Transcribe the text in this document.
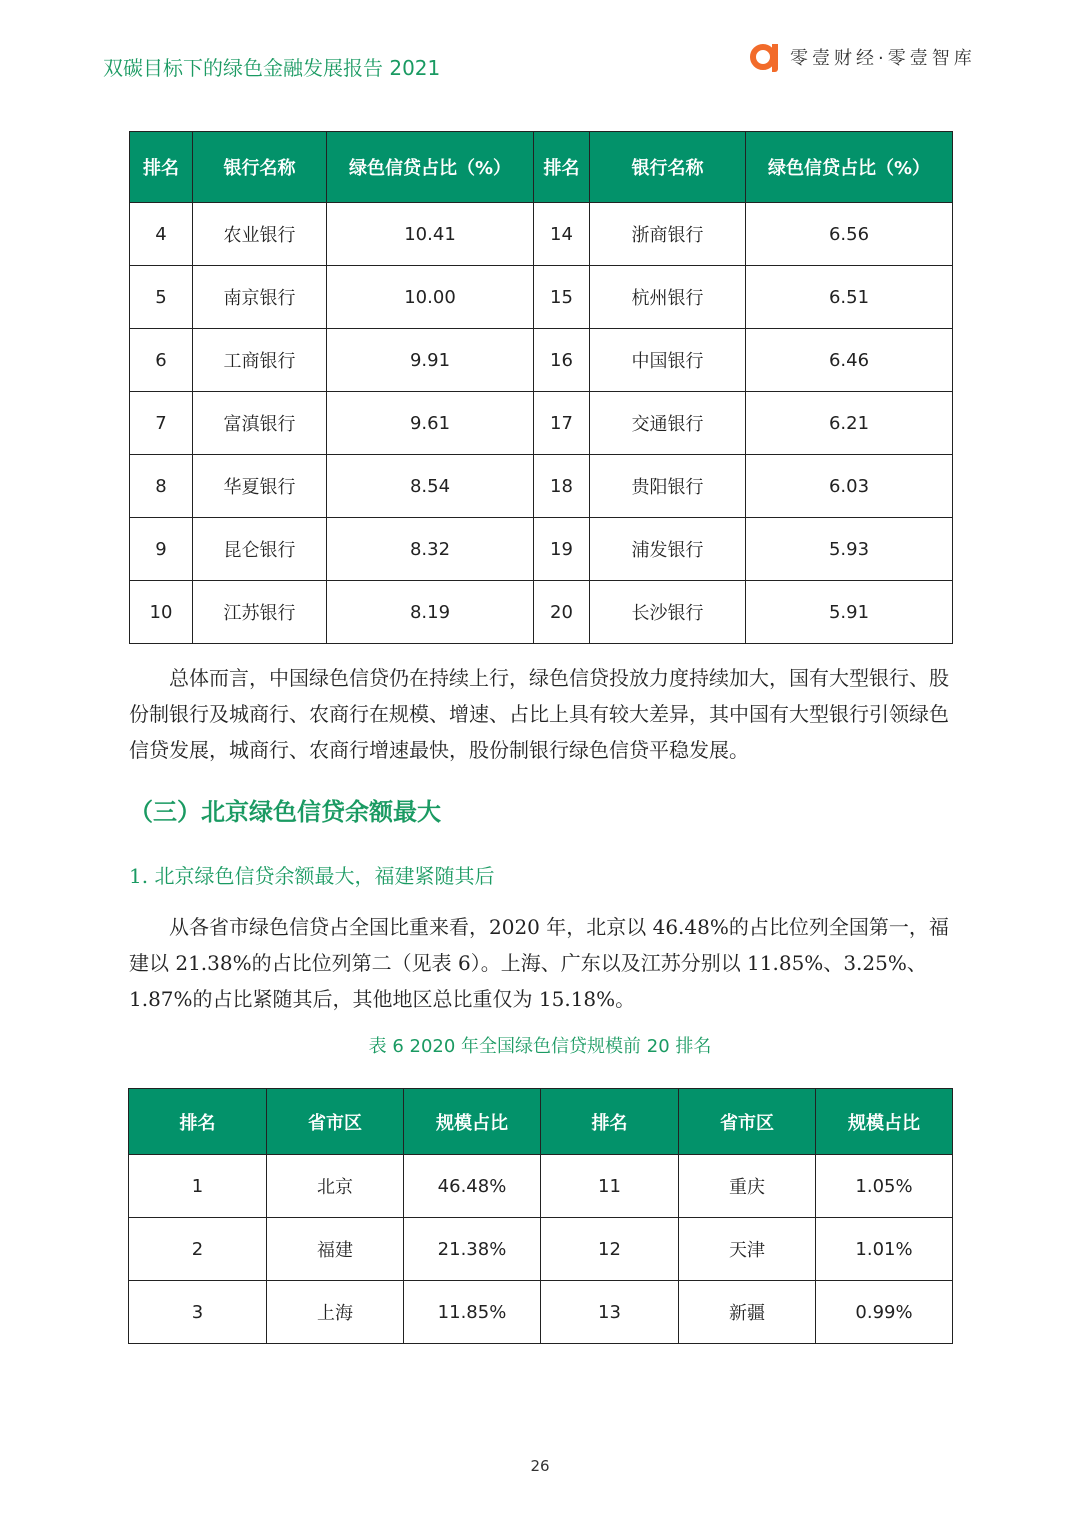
双碳目标下的绿色金融发展报告 2021	零壹财经·零壹智库
排名	银行名称	绿色信贷占比（%）	排名	银行名称	绿色信贷占比（%）
4	农业银行	10.41	14	浙商银行	6.56
5	南京银行	10.00	15	杭州银行	6.51
6	工商银行	9.91	16	中国银行	6.46
7	富滇银行	9.61	17	交通银行	6.21
8	华夏银行	8.54	18	贵阳银行	6.03
9	昆仑银行	8.32	19	浦发银行	5.93
10	江苏银行	8.19	20	长沙银行	5.91
总体而言，中国绿色信贷仍在持续上行，绿色信贷投放力度持续加大，国有大型银行、股份制银行及城商行、农商行在规模、增速、占比上具有较大差异，其中国有大型银行引领绿色信贷发展，城商行、农商行增速最快，股份制银行绿色信贷平稳发展。
（三）北京绿色信贷余额最大
1. 北京绿色信贷余额最大，福建紧随其后
从各省市绿色信贷占全国比重来看，2020 年，北京以 46.48%的占比位列全国第一，福建以 21.38%的占比位列第二（见表 6）。上海、广东以及江苏分别以 11.85%、3.25%、1.87%的占比紧随其后，其他地区总比重仅为 15.18%。
表 6 2020 年全国绿色信贷规模前 20 排名
排名	省市区	规模占比	排名	省市区	规模占比
1	北京	46.48%	11	重庆	1.05%
2	福建	21.38%	12	天津	1.01%
3	上海	11.85%	13	新疆	0.99%
26
